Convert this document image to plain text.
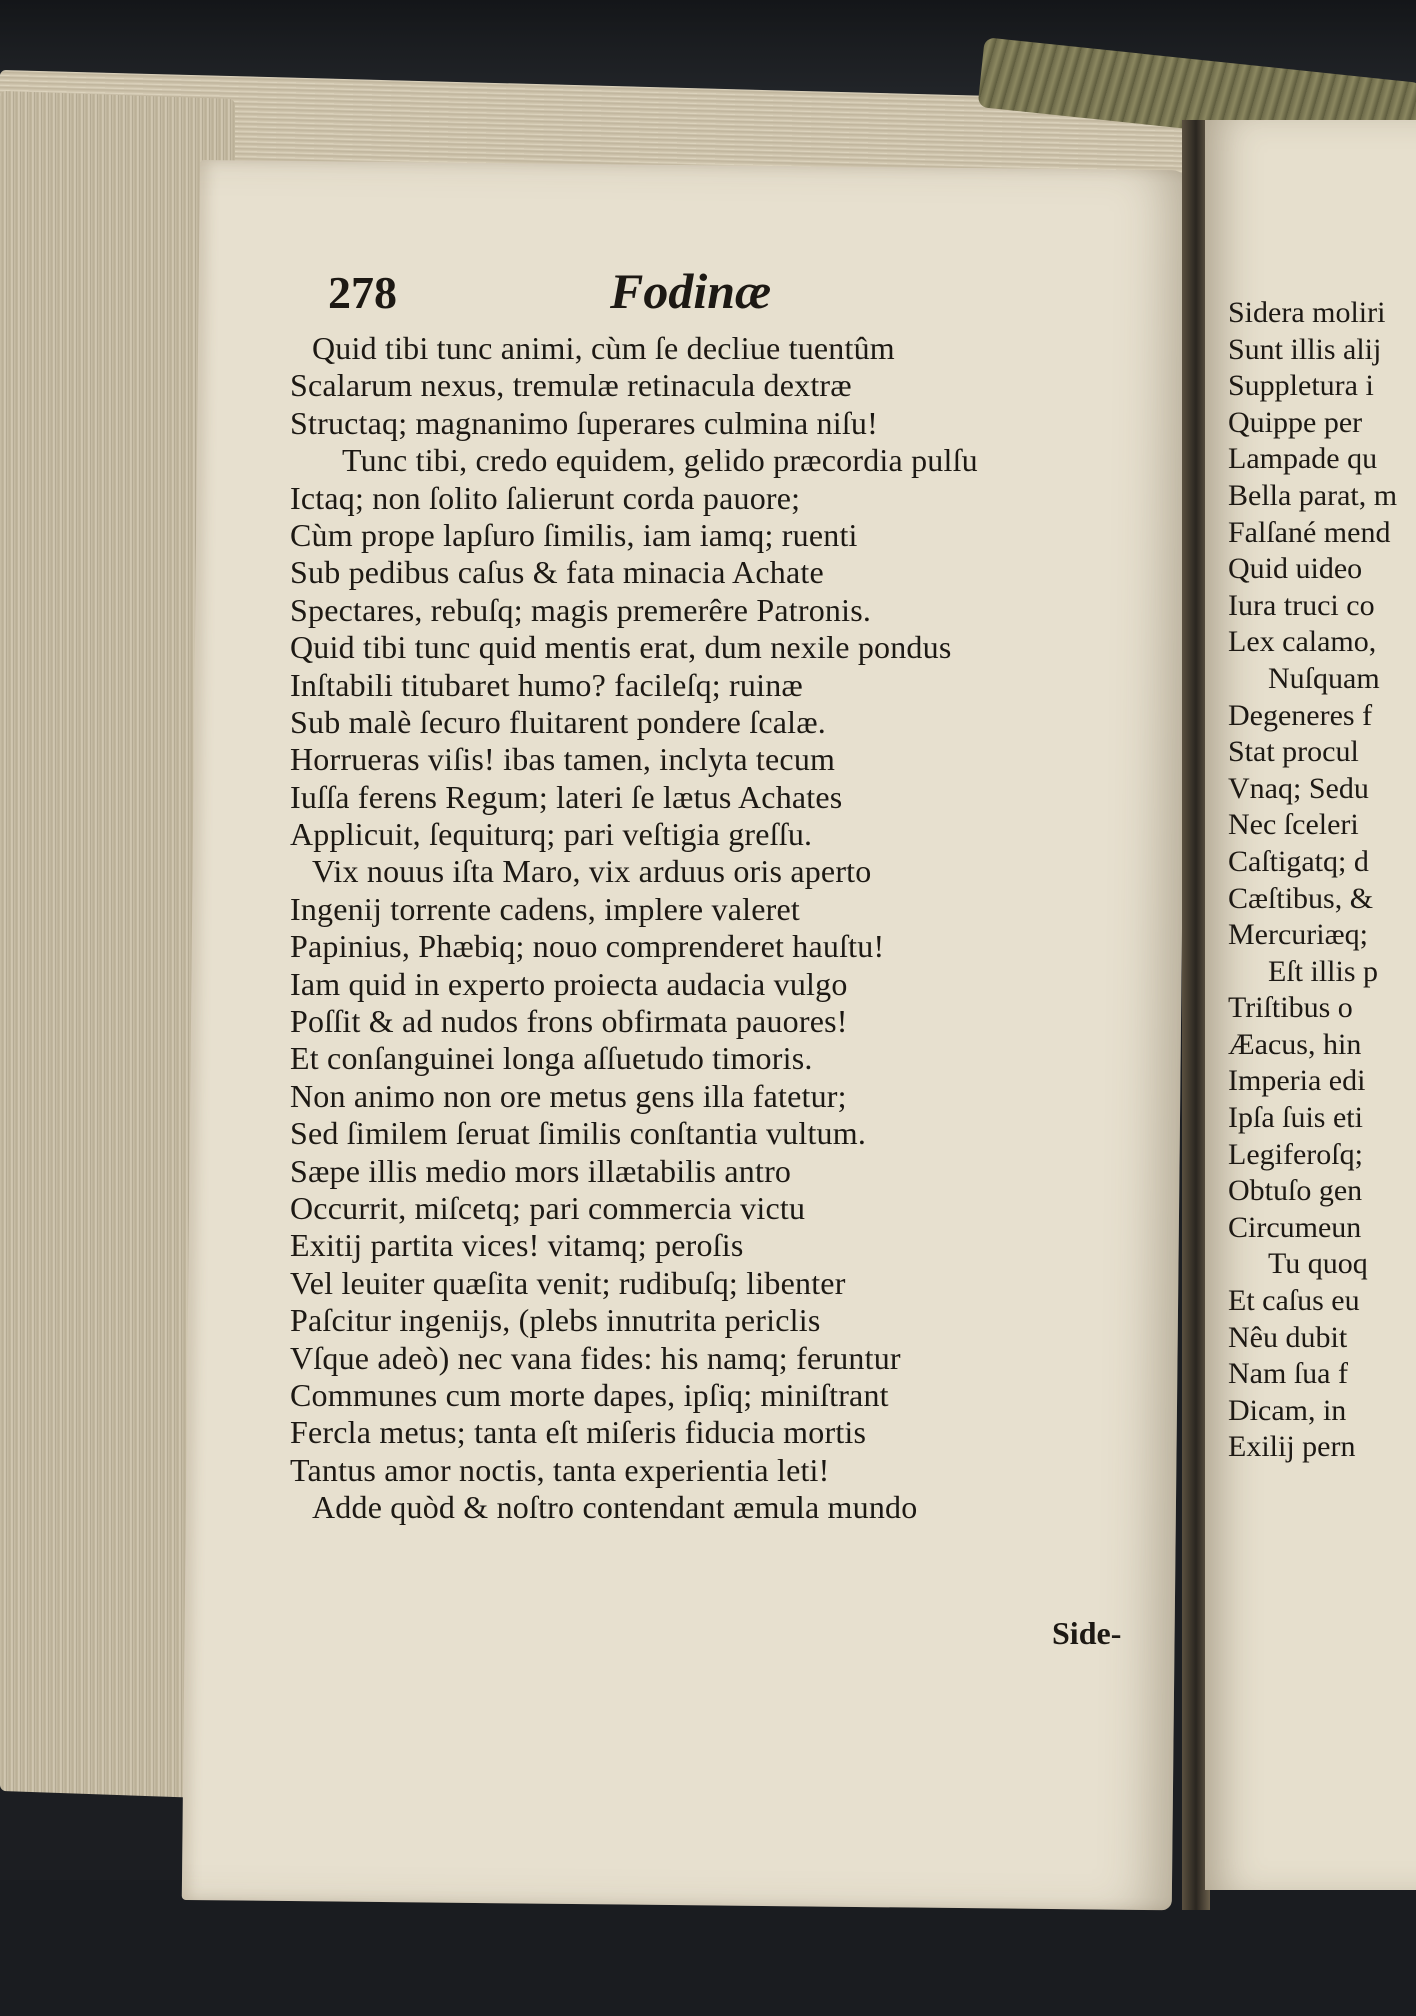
278	Fodinæ
Quid tibi tunc animi, cùm ſe decliue tuentûm
Scalarum nexus, tremulæ retinacula dextræ
Structaq; magnanimo ſuperares culmina niſu!
Tunc tibi, credo equidem, gelido præcordia pulſu
Ictaq; non ſolito ſalierunt corda pauore;
Cùm prope lapſuro ſimilis, iam iamq; ruenti
Sub pedibus caſus & fata minacia Achate
Spectares, rebuſq; magis premerêre Patronis.
Quid tibi tunc quid mentis erat, dum nexile pondus
Inſtabili titubaret humo? facileſq; ruinæ
Sub malè ſecuro fluitarent pondere ſcalæ.
Horrueras viſis! ibas tamen, inclyta tecum
Iuſſa ferens Regum; lateri ſe lætus Achates
Applicuit, ſequiturq; pari veſtigia greſſu.
Vix nouus iſta Maro, vix arduus oris aperto
Ingenij torrente cadens, implere valeret
Papinius, Phæbiq; nouo comprenderet hauſtu!
Iam quid in experto proiecta audacia vulgo
Poſſit & ad nudos frons obfirmata pauores!
Et conſanguinei longa aſſuetudo timoris.
Non animo non ore metus gens illa fatetur;
Sed ſimilem ſeruat ſimilis conſtantia vultum.
Sæpe illis medio mors illætabilis antro
Occurrit, miſcetq; pari commercia victu
Exitij partita vices! vitamq; peroſis
Vel leuiter quæſita venit; rudibuſq; libenter
Paſcitur ingenijs, (plebs innutrita periclis
Vſque adeò) nec vana fides: his namq; feruntur
Communes cum morte dapes, ipſiq; miniſtrant
Fercla metus; tanta eſt miſeris fiducia mortis
Tantus amor noctis, tanta experientia leti!
Adde quòd & noſtro contendant æmula mundo
Side-
Sidera moliri
Sunt illis alij
Suppletura i
Quippe per
Lampade qu
Bella parat, m
Falſané mend
Quid uideo
Iura truci co
Lex calamo,
Nuſquam
Degeneres f
Stat procul
Vnaq; Sedu
Nec ſceleri
Caſtigatq; d
Cæſtibus, &
Mercuriæq;
Eſt illis p
Triſtibus o
Æacus, hin
Imperia edi
Ipſa ſuis eti
Legiferoſq;
Obtuſo gen
Circumeun
Tu quoq
Et caſus eu
Nêu dubit
Nam ſua f
Dicam, in
Exilij pern
